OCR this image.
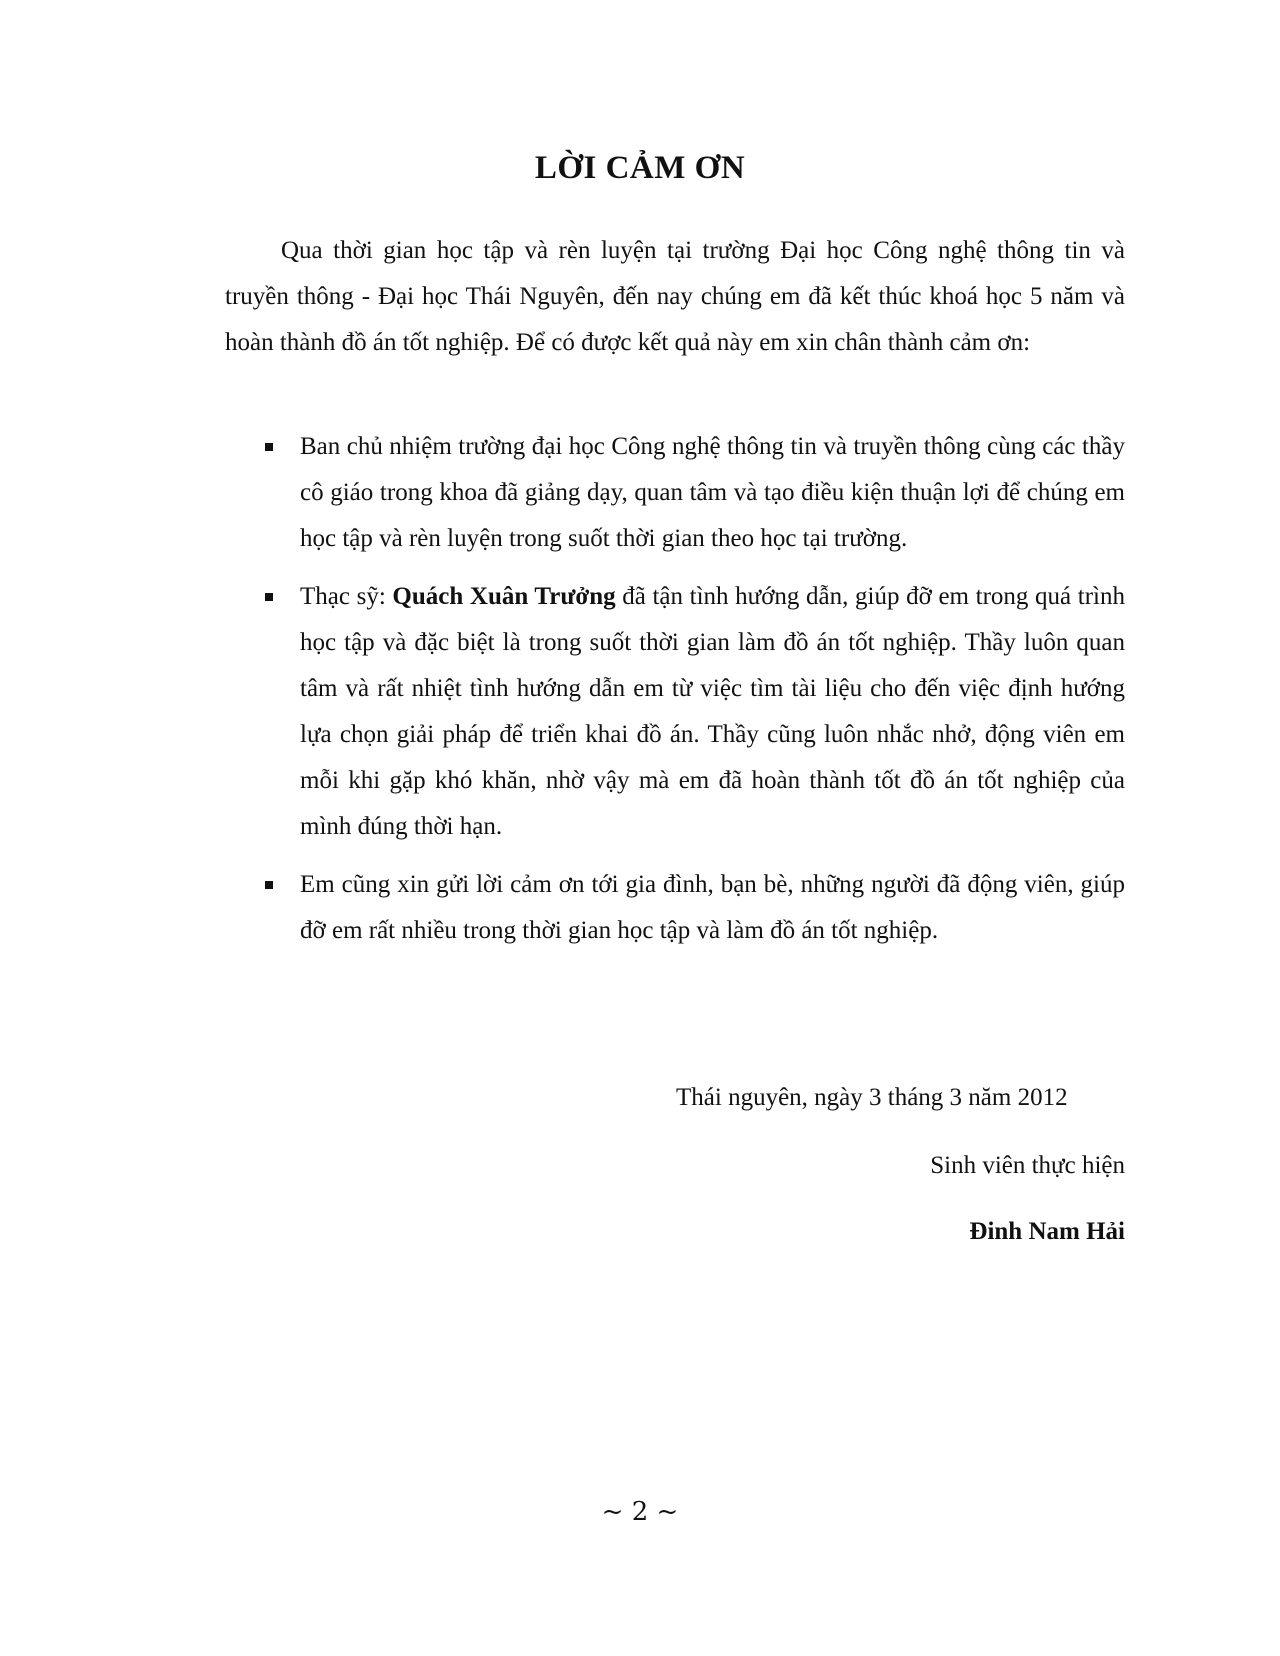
LỜI CẢM ƠN

Qua thời gian học tập và rèn luyện tại trường Đại học Công nghệ thông tin và truyền thông - Đại học Thái Nguyên, đến nay chúng em đã kết thúc khoá học 5 năm và hoàn thành đồ án tốt nghiệp. Để có được kết quả này em xin chân thành cảm ơn:

Ban chủ nhiệm trường đại học Công nghệ thông tin và truyền thông cùng các thầy cô giáo trong khoa đã giảng dạy, quan tâm và tạo điều kiện thuận lợi để chúng em học tập và rèn luyện trong suốt thời gian theo học tại trường.
Thạc sỹ: Quách Xuân Trưởng đã tận tình hướng dẫn, giúp đỡ em trong quá trình học tập và đặc biệt là trong suốt thời gian làm đồ án tốt nghiệp. Thầy luôn quan tâm và rất nhiệt tình hướng dẫn em từ việc tìm tài liệu cho đến việc định hướng lựa chọn giải pháp để triển khai đồ án. Thầy cũng luôn nhắc nhở, động viên em mỗi khi gặp khó khăn, nhờ vậy mà em đã hoàn thành tốt đồ án tốt nghiệp của mình đúng thời hạn.
Em cũng xin gửi lời cảm ơn tới gia đình, bạn bè, những người đã động viên, giúp đỡ em rất nhiều trong thời gian học tập và làm đồ án tốt nghiệp.
Thái nguyên, ngày 3 tháng 3 năm 2012
Sinh viên thực hiện
Đinh Nam Hải
~ 2 ~
